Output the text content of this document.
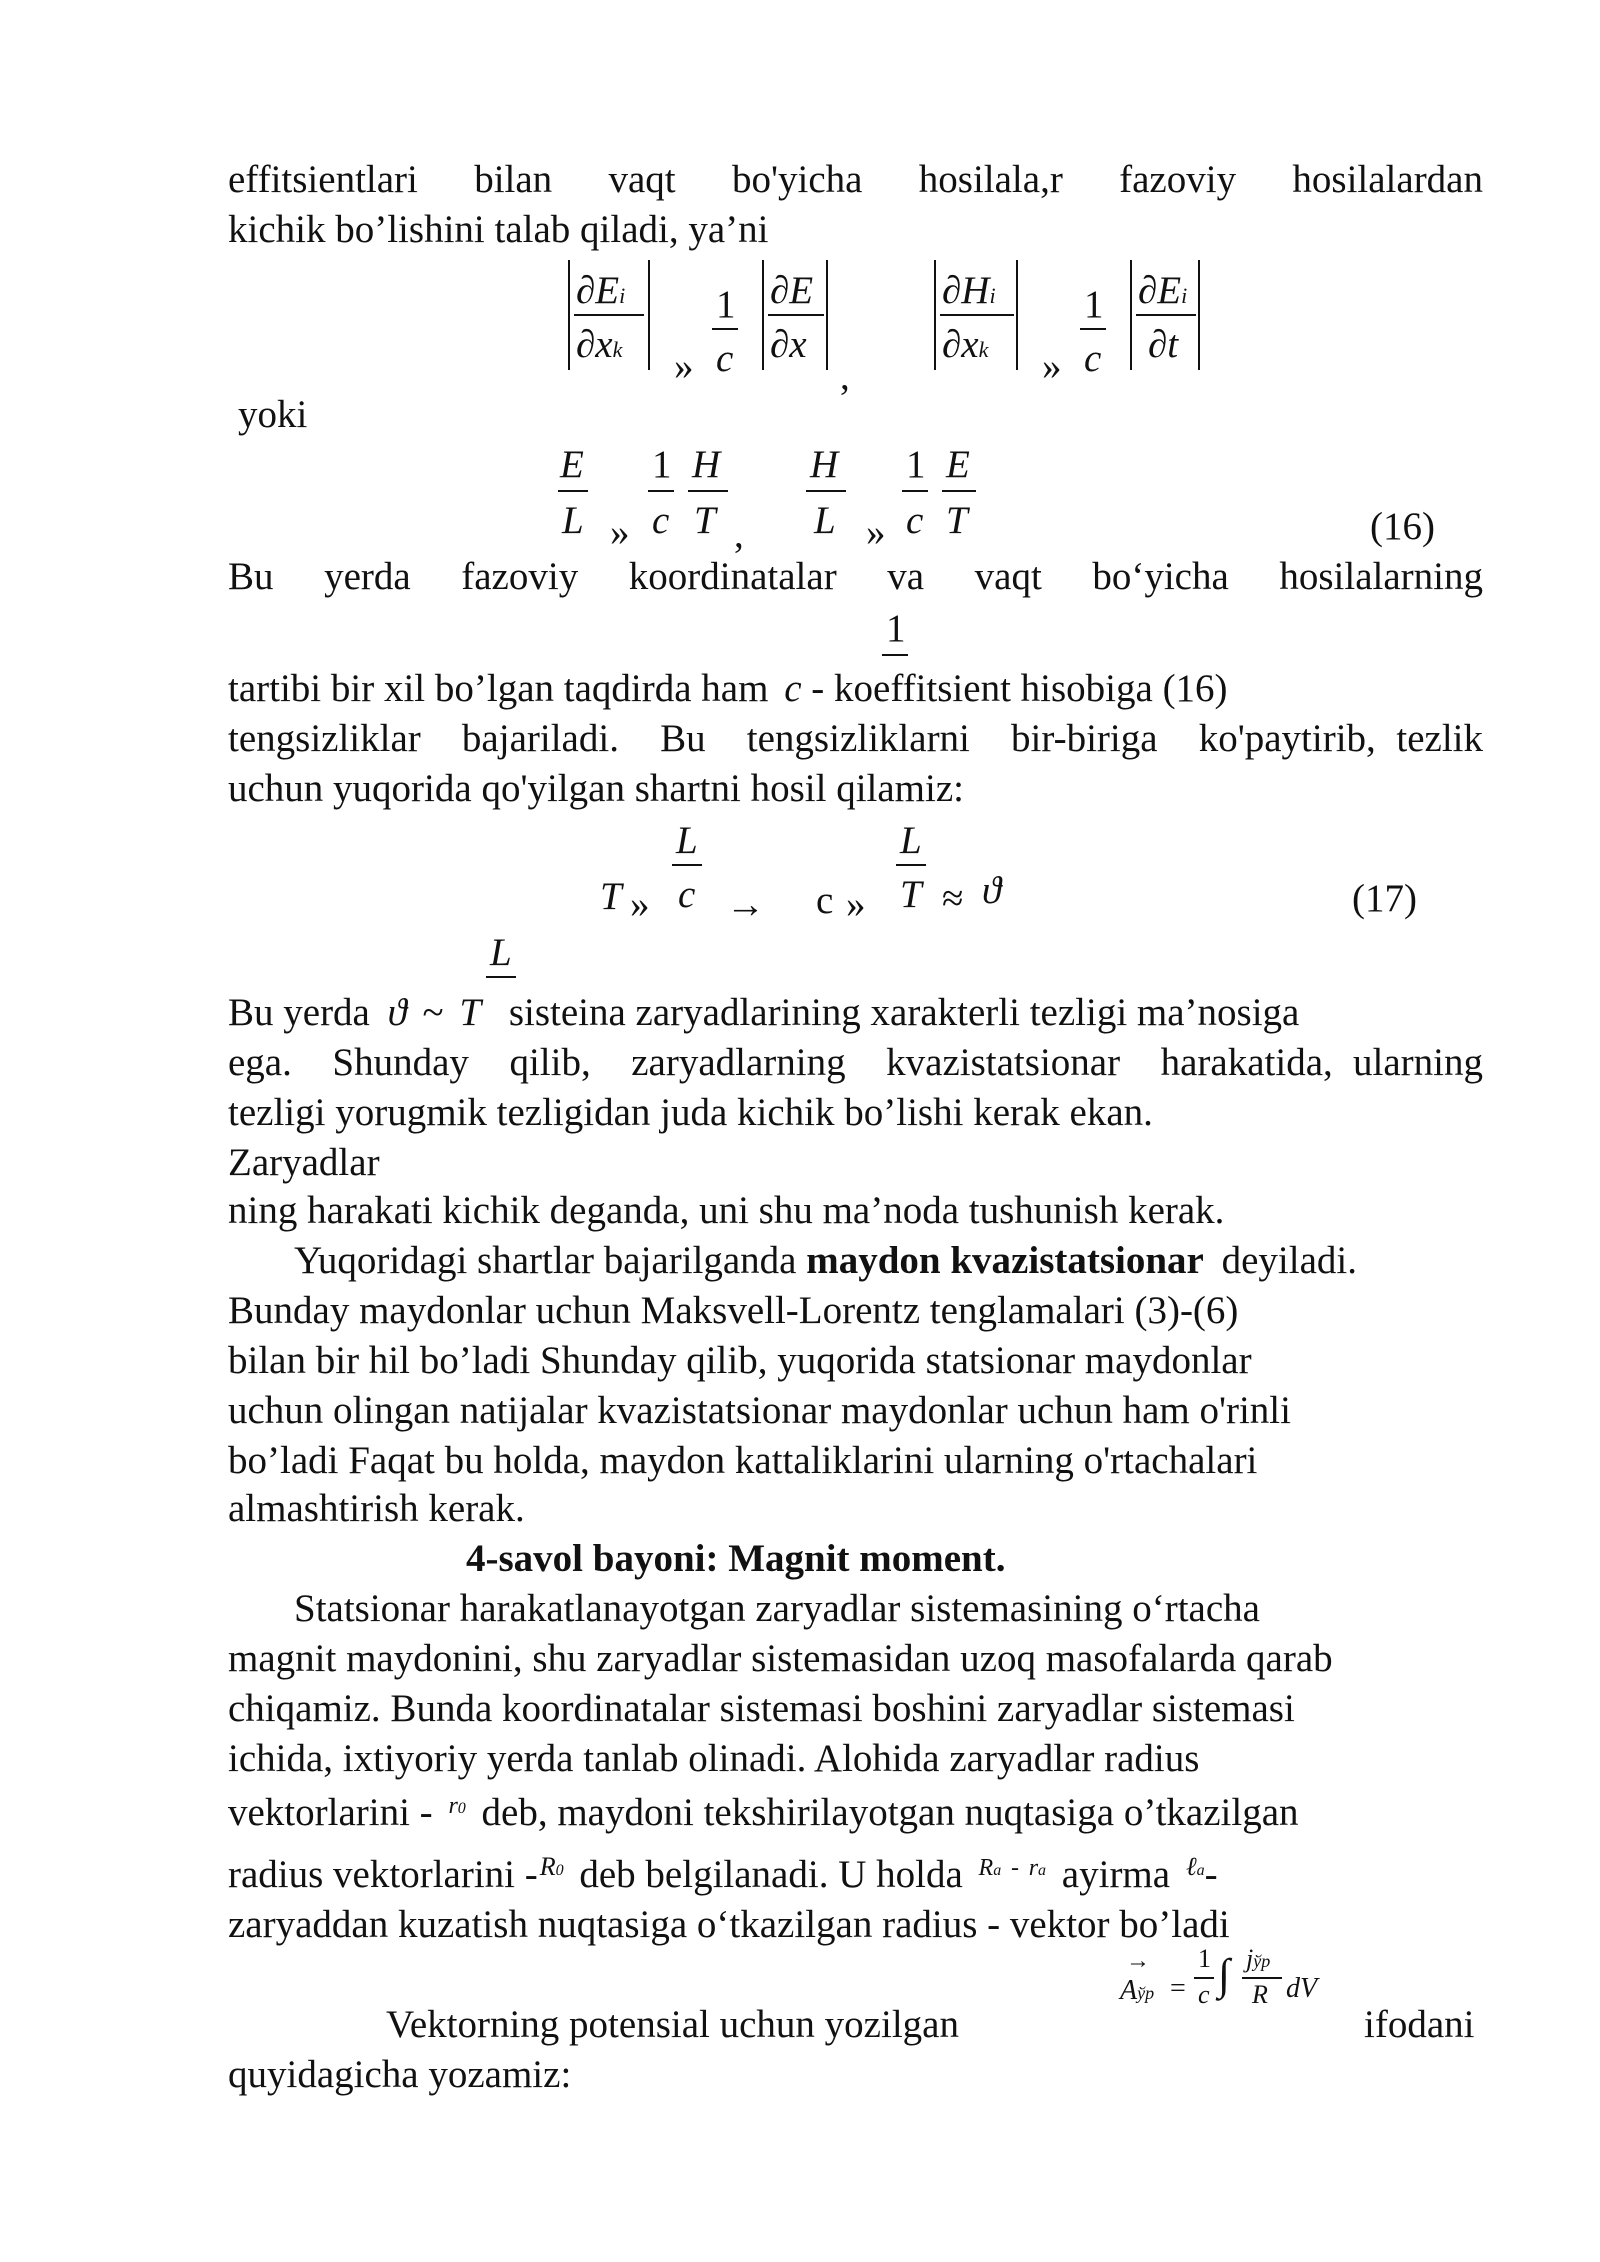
effitsientlari  bilan  vaqt  bo'yicha  hosilala,r  fazoviy  hosilalardan
kichik bo’lishini talab qiladi, ya’ni
∂Ei
∂xk »
1
c
∂E
∂x
,
∂Hi
∂xk »
1
c
∂Ei
∂t
yoki
E
L »
1
c
H
T ,
H
L »
1
c
E
T	(16)
Bu  yerda  fazoviy  koordinatalar  va  vaqt  bo‘yicha  hosilalarning
1
tartibi bir xil bo’lgan taqdirda ham c - koeffitsient hisobiga (16)
tengsizliklar  bajariladi.  Bu  tengsizliklarni  bir-biriga  ko'paytirib, tezlik
uchun yuqorida qo'yilgan shartni hosil qilamiz:
L
T » c → c »
L
T ≈ ϑ	(17)
L
Bu yerda ϑ ~ T sisteina zaryadlarining xarakterli tezligi ma’nosiga
ega.  Shunday  qilib,  zaryadlarning  kvazistatsionar  harakatida, ularning
tezligi yorugmik tezligidan juda kichik bo’lishi kerak ekan.
Zaryadlar
ning harakati kichik deganda, uni shu ma’noda tushunish kerak.
Yuqoridagi shartlar bajarilganda maydon kvazistatsionar deyiladi.
Bunday maydonlar uchun Maksvell-Lorentz tenglamalari (3)-(6)
bilan bir hil bo’ladi Shunday qilib, yuqorida statsionar maydonlar
uchun olingan natijalar kvazistatsionar maydonlar uchun ham o'rinli
bo’ladi Faqat bu holda, maydon kattaliklarini ularning o'rtachalari
almashtirish kerak.
4-savol bayoni: Magnit moment.
Statsionar harakatlanayotgan zaryadlar sistemasining o‘rtacha
magnit maydonini, shu zaryadlar sistemasidan uzoq masofalarda qarab
chiqamiz. Bunda koordinatalar sistemasi boshini zaryadlar sistemasi
ichida, ixtiyoriy yerda tanlab olinadi. Alohida zaryadlar radius
vektorlarini - $^{r0}$ deb, maydoni tekshirilayotgan nuqtasiga o’tkazilgan
radius vektorlarini -$^{R0}$ deb belgilanadi. U holda $^{Ra}$ - $^{ra}$ ayirma $^{\ell a}$-
zaryaddan kuzatish nuqtasiga o‘tkazilgan radius - vektor bo’ladi
Vektorning potensial uchun yozilgan
→
Aўр =
1
c ∫ jўр
R dV
ifodani
quyidagicha yozamiz:
